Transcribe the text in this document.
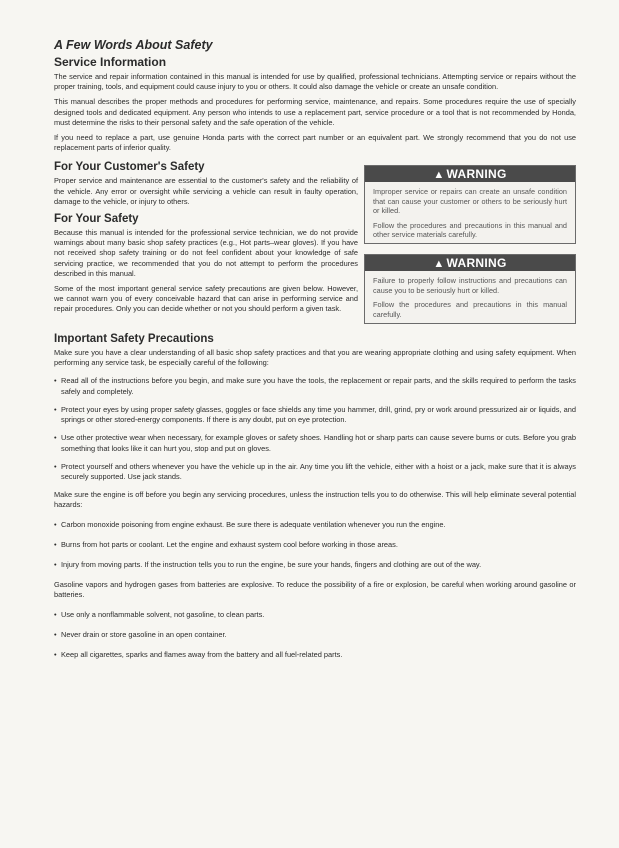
A Few Words About Safety
Service Information

The service and repair information contained in this manual is intended for use by qualified, professional technicians. Attempting service or repairs without the proper training, tools, and equipment could cause injury to you or others. It could also damage the vehicle or create an unsafe condition.

This manual describes the proper methods and procedures for performing service, maintenance, and repairs. Some procedures require the use of specially designed tools and dedicated equipment. Any person who intends to use a replacement part, service procedure or a tool that is not recommended by Honda, must determine the risks to their personal safety and the safe operation of the vehicle.

If you need to replace a part, use genuine Honda parts with the correct part number or an equivalent part. We strongly recommend that you do not use replacement parts of inferior quality.

For Your Customer's Safety

Proper service and maintenance are essential to the customer's safety and the reliability of the vehicle. Any error or oversight while servicing a vehicle can result in faulty operation, damage to the vehicle, or injury to others.

For Your Safety

Because this manual is intended for the professional service technician, we do not provide warnings about many basic shop safety practices (e.g., Hot parts–wear gloves). If you have not received shop safety training or do not feel confident about your knowledge of safe servicing practice, we recommended that you do not attempt to perform the procedures described in this manual.

Some of the most important general service safety precautions are given below. However, we cannot warn you of every conceivable hazard that can arise in performing service and repair procedures. Only you can decide whether or not you should perform a given task.

▲ WARNING

Improper service or repairs can create an unsafe condition that can cause your customer or others to be seriously hurt or killed.

Follow the procedures and precautions in this manual and other service materials carefully.

▲ WARNING

Failure to properly follow instructions and precautions can cause you to be seriously hurt or killed.

Follow the procedures and precautions in this manual carefully.

Important Safety Precautions

Make sure you have a clear understanding of all basic shop safety practices and that you are wearing appropriate clothing and using safety equipment. When performing any service task, be especially careful of the following:

• Read all of the instructions before you begin, and make sure you have the tools, the replacement or repair parts, and the skills required to perform the tasks safely and completely.
• Protect your eyes by using proper safety glasses, goggles or face shields any time you hammer, drill, grind, pry or work around pressurized air or liquids, and springs or other stored-energy components. If there is any doubt, put on eye protection.
• Use other protective wear when necessary, for example gloves or safety shoes. Handling hot or sharp parts can cause severe burns or cuts. Before you grab something that looks like it can hurt you, stop and put on gloves.
• Protect yourself and others whenever you have the vehicle up in the air. Any time you lift the vehicle, either with a hoist or a jack, make sure that it is always securely supported. Use jack stands.

Make sure the engine is off before you begin any servicing procedures, unless the instruction tells you to do otherwise. This will help eliminate several potential hazards:

• Carbon monoxide poisoning from engine exhaust. Be sure there is adequate ventilation whenever you run the engine.
• Burns from hot parts or coolant. Let the engine and exhaust system cool before working in those areas.
• Injury from moving parts. If the instruction tells you to run the engine, be sure your hands, fingers and clothing are out of the way.

Gasoline vapors and hydrogen gases from batteries are explosive. To reduce the possibility of a fire or explosion, be careful when working around gasoline or batteries.

• Use only a nonflammable solvent, not gasoline, to clean parts.
• Never drain or store gasoline in an open container.
• Keep all cigarettes, sparks and flames away from the battery and all fuel-related parts.
